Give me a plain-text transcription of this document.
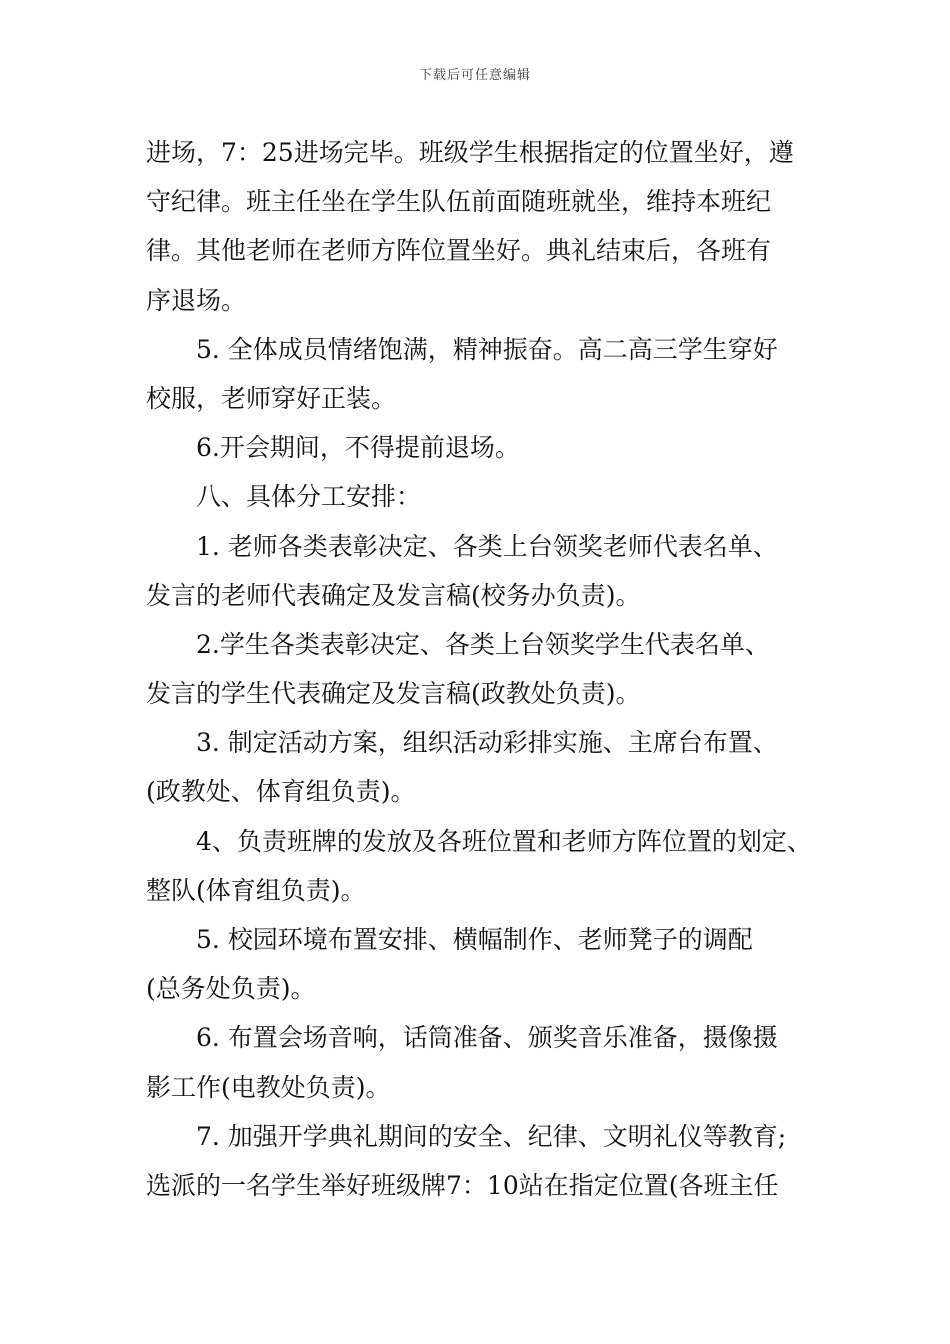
下载后可任意编辑
进场，7：25进场完毕。班级学生根据指定的位置坐好，遵
守纪律。班主任坐在学生队伍前面随班就坐，维持本班纪
律。其他老师在老师方阵位置坐好。典礼结束后，各班有
序退场。
5. 全体成员情绪饱满，精神振奋。高二高三学生穿好
校服，老师穿好正装。
6.开会期间，不得提前退场。
八、具体分工安排：
1. 老师各类表彰决定、各类上台领奖老师代表名单、
发言的老师代表确定及发言稿(校务办负责)。
2.学生各类表彰决定、各类上台领奖学生代表名单、
发言的学生代表确定及发言稿(政教处负责)。
3. 制定活动方案，组织活动彩排实施、主席台布置、
(政教处、体育组负责)。
4、负责班牌的发放及各班位置和老师方阵位置的划定、
整队(体育组负责)。
5. 校园环境布置安排、横幅制作、老师凳子的调配
(总务处负责)。
6. 布置会场音响，话筒准备、颁奖音乐准备，摄像摄
影工作(电教处负责)。
7. 加强开学典礼期间的安全、纪律、文明礼仪等教育;
选派的一名学生举好班级牌7：10站在指定位置(各班主任
